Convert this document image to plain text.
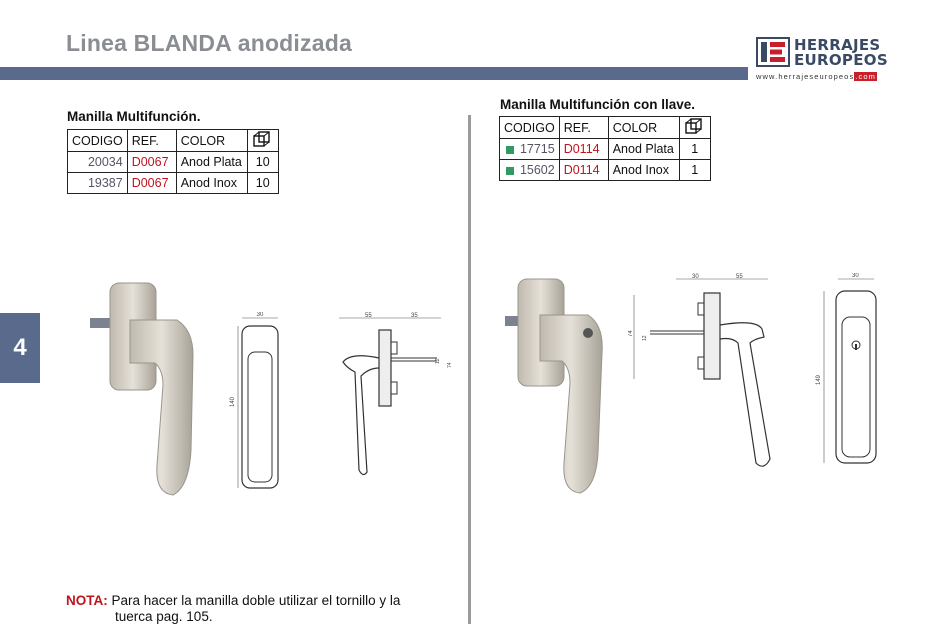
Linea BLANDA anodizada	HERRAJES
EUROPEOS
www.herrajeseuropeos.com
4
Manilla Multifunción.
CODIGO	REF.	COLOR	
20034	D0067	Anod Plata	10
19387	D0067	Anod Inox	10
30
140
55	35
12
74
Manilla Multifunción con llave.
CODIGO	REF.	COLOR	
17715	D0114	Anod Plata	1
15602	D0114	Anod Inox	1
30	55
74
12
30
149
NOTA: Para hacer la manilla doble utilizar el tornillo y la
tuerca pag. 105.
